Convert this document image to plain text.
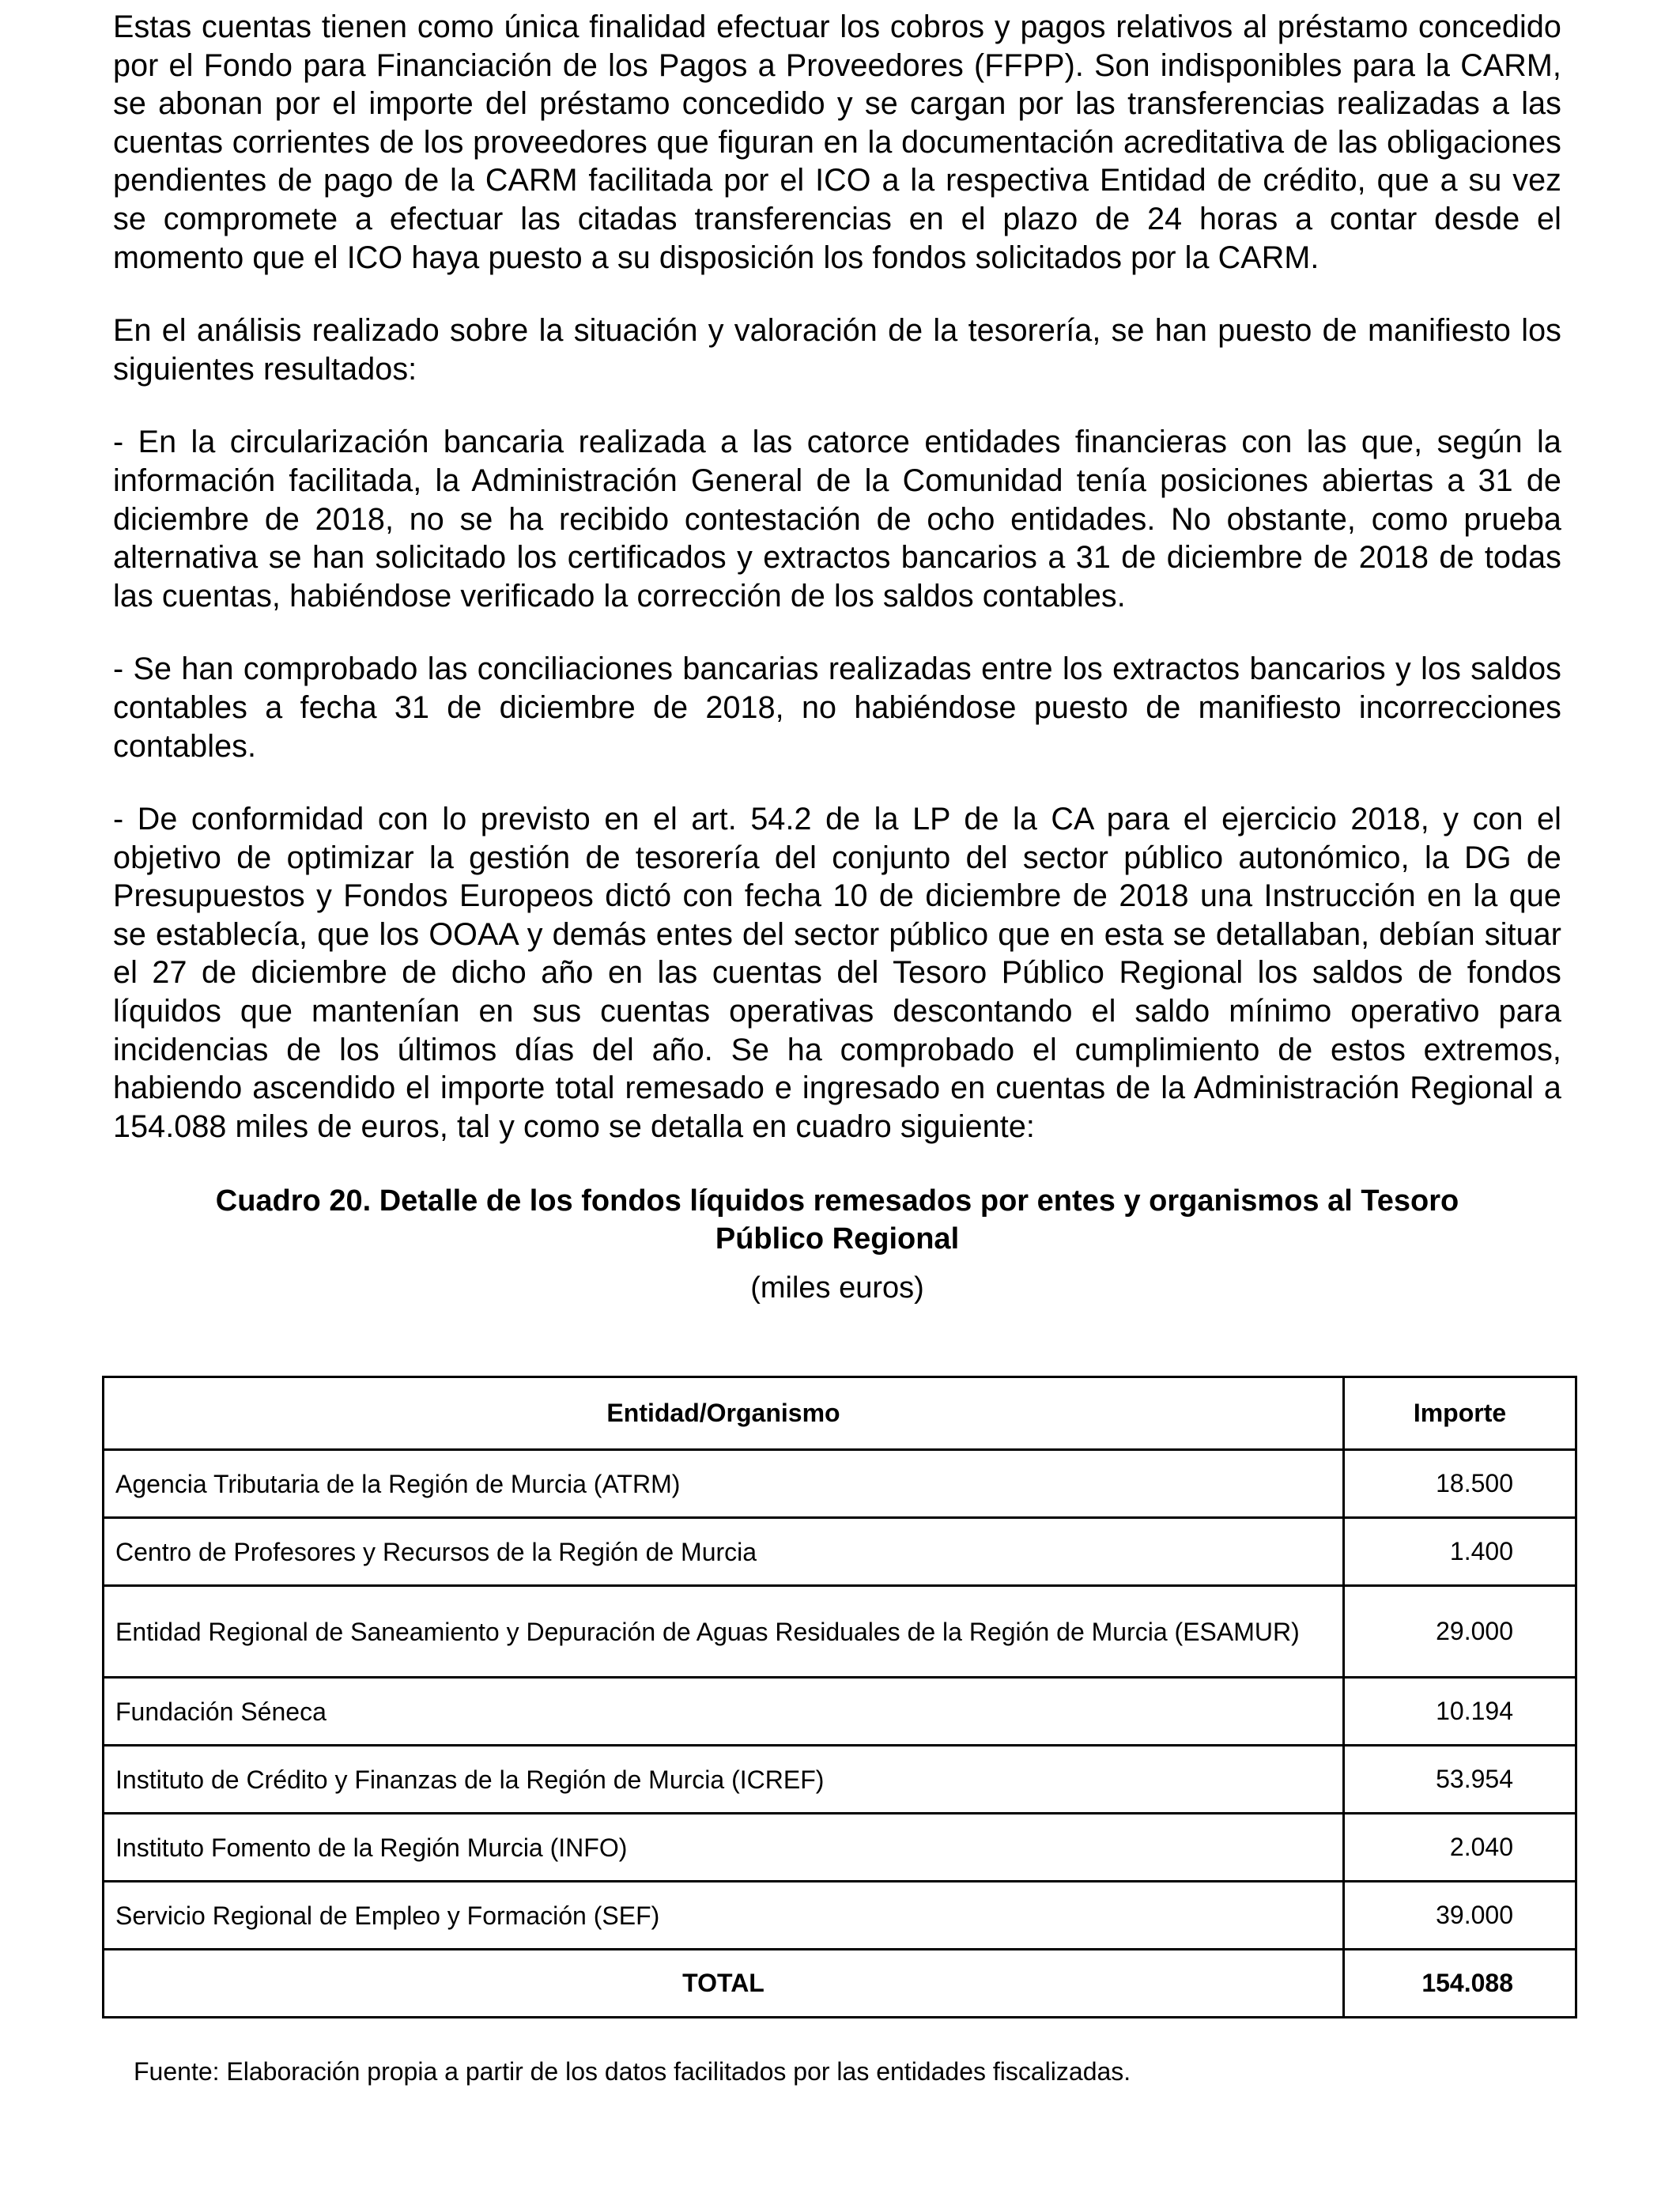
Estas cuentas tienen como única finalidad efectuar los cobros y pagos relativos al préstamo concedido por el Fondo para Financiación de los Pagos a Proveedores (FFPP). Son indisponibles para la CARM, se abonan por el importe del préstamo concedido y se cargan por las transferencias realizadas a las cuentas corrientes de los proveedores que figuran en la documentación acreditativa de las obligaciones pendientes de pago de la CARM facilitada por el ICO a la respectiva Entidad de crédito, que a su vez se compromete a efectuar las citadas transferencias en el plazo de 24 horas a contar desde el momento que el ICO haya puesto a su disposición los fondos solicitados por la CARM.

En el análisis realizado sobre la situación y valoración de la tesorería, se han puesto de manifiesto los siguientes resultados:

- En la circularización bancaria realizada a las catorce entidades financieras con las que, según la información facilitada, la Administración General de la Comunidad tenía posiciones abiertas a 31 de diciembre de 2018, no se ha recibido contestación de ocho entidades. No obstante, como prueba alternativa se han solicitado los certificados y extractos bancarios a 31 de diciembre de 2018 de todas las cuentas, habiéndose verificado la corrección de los saldos contables.

- Se han comprobado las conciliaciones bancarias realizadas entre los extractos bancarios y los saldos contables a fecha 31 de diciembre de 2018, no habiéndose puesto de manifiesto incorrecciones contables.

- De conformidad con lo previsto en el art. 54.2 de la LP de la CA para el ejercicio 2018, y con el objetivo de optimizar la gestión de tesorería del conjunto del sector público autonómico, la DG de Presupuestos y Fondos Europeos dictó con fecha 10 de diciembre de 2018 una Instrucción en la que se establecía, que los OOAA y demás entes del sector público que en esta se detallaban, debían situar el 27 de diciembre de dicho año en las cuentas del Tesoro Público Regional los saldos de fondos líquidos que mantenían en sus cuentas operativas descontando el saldo mínimo operativo para incidencias de los últimos días del año. Se ha comprobado el cumplimiento de estos extremos, habiendo ascendido el importe total remesado e ingresado en cuentas de la Administración Regional a 154.088 miles de euros, tal y como se detalla en cuadro siguiente:

Cuadro 20. Detalle de los fondos líquidos remesados por entes y organismos al Tesoro
Público Regional
(miles euros)
Entidad/Organismo	Importe
Agencia Tributaria de la Región de Murcia (ATRM)	18.500
Centro de Profesores y Recursos de la Región de Murcia	1.400
Entidad Regional de Saneamiento y Depuración de Aguas Residuales de la Región de Murcia (ESAMUR)	29.000
Fundación Séneca	10.194
Instituto de Crédito y Finanzas de la Región de Murcia (ICREF)	53.954
Instituto Fomento de la Región Murcia (INFO)	2.040
Servicio Regional de Empleo y Formación (SEF)	39.000
TOTAL	154.088
Fuente: Elaboración propia a partir de los datos facilitados por las entidades fiscalizadas.
